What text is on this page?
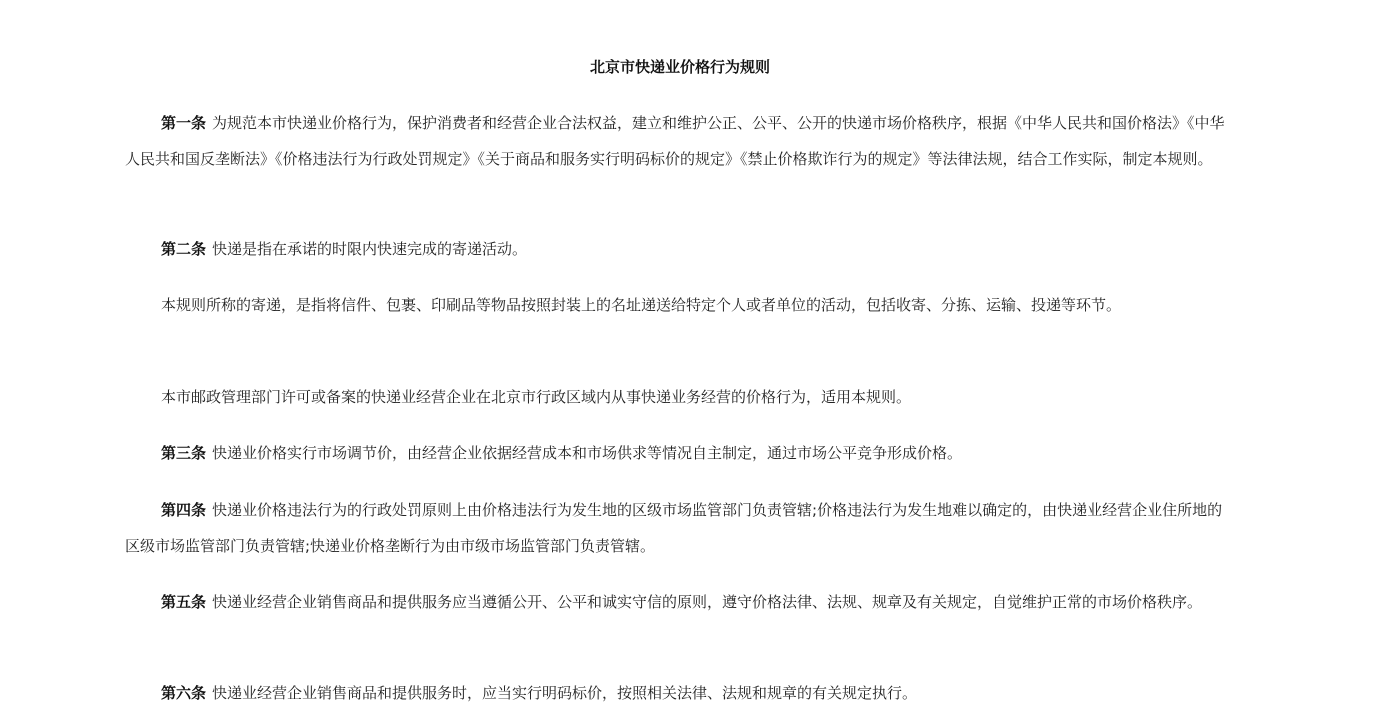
北京市快递业价格行为规则

第一条 为规范本市快递业价格行为，保护消费者和经营企业合法权益，建立和维护公正、公平、公开的快递市场价格秩序，根据《中华人民共和国价格法》《中华人民共和国反垄断法》《价格违法行为行政处罚规定》《关于商品和服务实行明码标价的规定》《禁止价格欺诈行为的规定》等法律法规，结合工作实际，制定本规则。

第二条 快递是指在承诺的时限内快速完成的寄递活动。

本规则所称的寄递，是指将信件、包裹、印刷品等物品按照封装上的名址递送给特定个人或者单位的活动，包括收寄、分拣、运输、投递等环节。

本市邮政管理部门许可或备案的快递业经营企业在北京市行政区域内从事快递业务经营的价格行为，适用本规则。

第三条 快递业价格实行市场调节价，由经营企业依据经营成本和市场供求等情况自主制定，通过市场公平竞争形成价格。

第四条 快递业价格违法行为的行政处罚原则上由价格违法行为发生地的区级市场监管部门负责管辖;价格违法行为发生地难以确定的，由快递业经营企业住所地的区级市场监管部门负责管辖;快递业价格垄断行为由市级市场监管部门负责管辖。

第五条 快递业经营企业销售商品和提供服务应当遵循公开、公平和诚实守信的原则，遵守价格法律、法规、规章及有关规定，自觉维护正常的市场价格秩序。

第六条 快递业经营企业销售商品和提供服务时，应当实行明码标价，按照相关法律、法规和规章的有关规定执行。
